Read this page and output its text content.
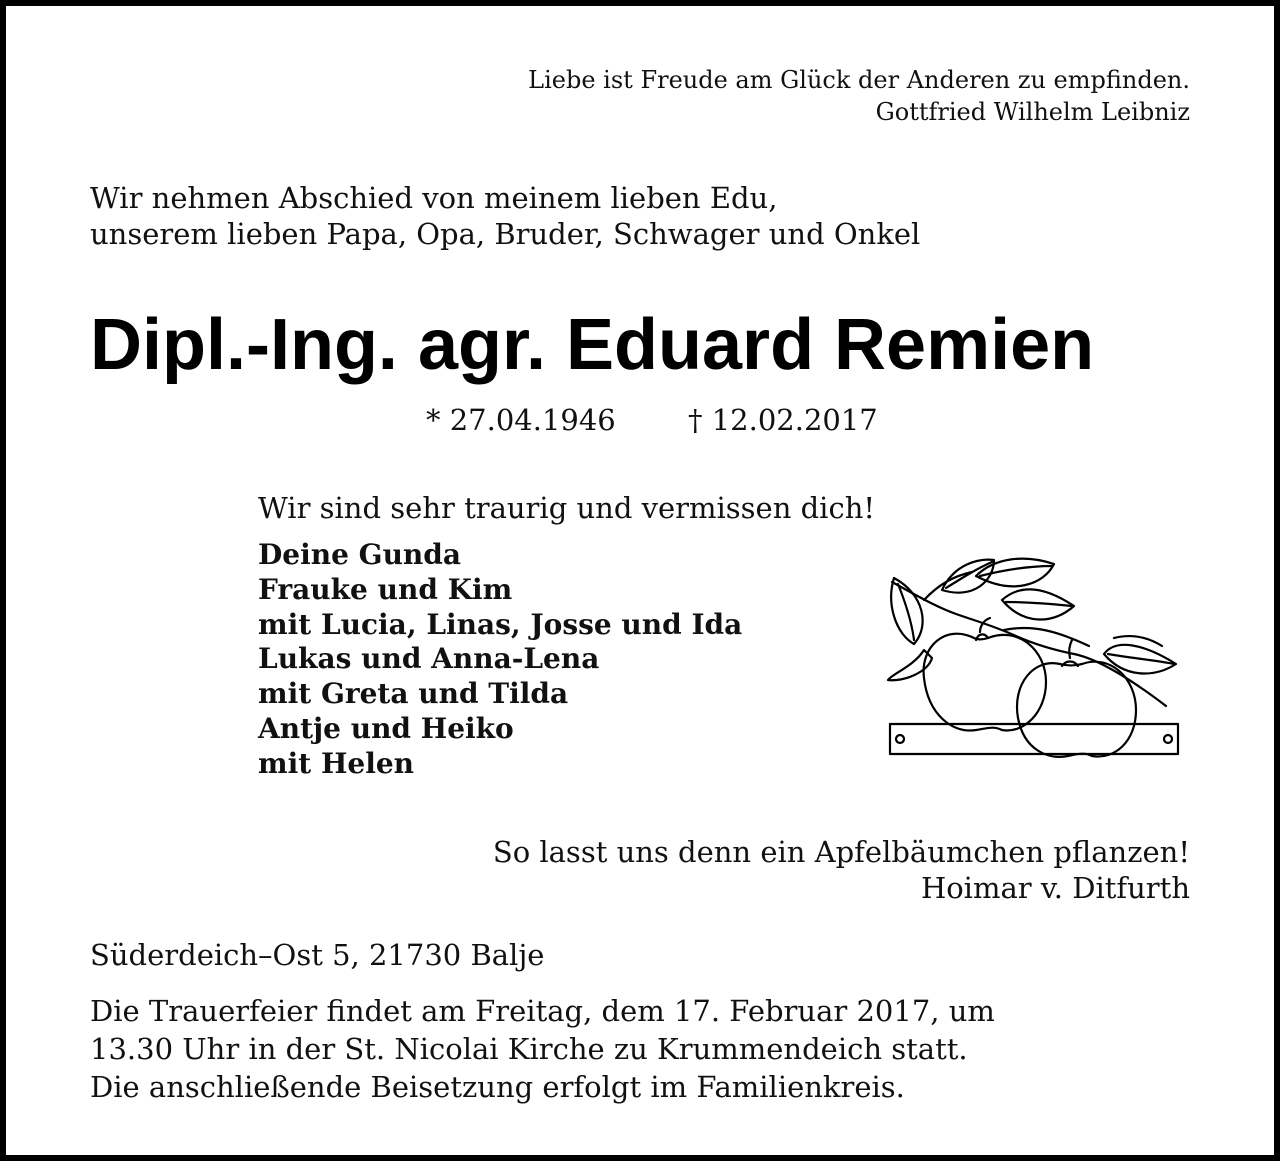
Liebe ist Freude am Glück der Anderen zu empfinden.
Gottfried Wilhelm Leibniz
Wir nehmen Abschied von meinem lieben Edu,
unserem lieben Papa, Opa, Bruder, Schwager und Onkel
Dipl.-Ing. agr. Eduard Remien
* 27.04.1946 † 12.02.2017
Wir sind sehr traurig und vermissen dich!
Deine Gunda
Frauke und Kim
mit Lucia, Linas, Josse und Ida
Lukas und Anna-Lena
mit Greta und Tilda
Antje und Heiko
mit Helen
So lasst uns denn ein Apfelbäumchen pflanzen!
Hoimar v. Ditfurth
Süderdeich–Ost 5, 21730 Balje
Die Trauerfeier findet am Freitag, dem 17. Februar 2017, um
13.30 Uhr in der St. Nicolai Kirche zu Krummendeich statt.
Die anschließende Beisetzung erfolgt im Familienkreis.
